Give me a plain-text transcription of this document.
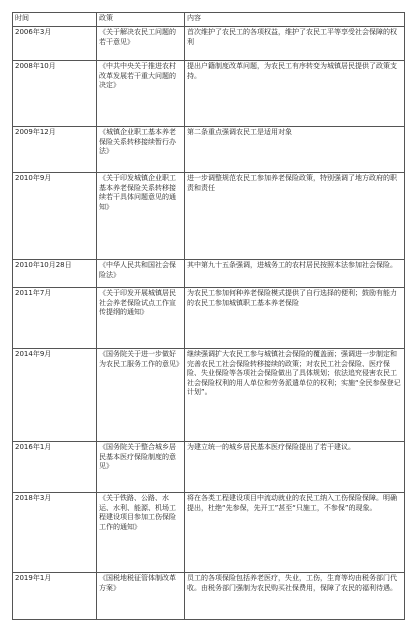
时间	政策	内容
2006年3月	《关于解决农民工问题的若干意见》	首次维护了农民工的各项权益，维护了农民工平等享受社会保障的权利
2008年10月	《中共中央关于推进农村改革发展若干重大问题的决定》	提出户籍制度改革问题，为农民工有序转变为城镇居民提供了政策支持。
2009年12月	《城镇企业职工基本养老保险关系转移接续暂行办法》	第二条重点强调农民工是适用对象
2010年9月	《关于印发城镇企业职工基本养老保险关系转移接续若干具体问题意见的通知》	进一步调整规范农民工参加养老保险政策，特别强调了地方政府的职责和责任
2010年10月28日	《中华人民共和国社会保险法》	其中第九十五条强调，进城务工的农村居民按照本法参加社会保险。
2011年7月	《关于印发开展城镇居民社会养老保险试点工作宣传提纲的通知》	为农民工参加何种养老保险模式提供了自行选择的便利；鼓励有能力的农民工参加城镇职工基本养老保险
2014年9月	《国务院关于进一步做好为农民工服务工作的意见》	继续强调扩大农民工参与城镇社会保险的覆盖面；强调进一步制定和完善农民工社会保险转移接续的政策；对农民工社会保险、医疗保险、失业保险等各项社会保险做出了具体规划；依法追究侵害农民工社会保险权利的用人单位和劳务派遣单位的权利；实施“全民参保登记计划”。
2016年1月	《国务院关于整合城乡居民基本医疗保险制度的意见》	为建立统一的城乡居民基本医疗保险提出了若干建议。
2018年3月	《关于铁路、公路、水运、水利、能源、机场工程建设项目参加工伤保险工作的通知》	将在各类工程建设项目中流动就业的农民工纳入工伤保险保障。明确提出，杜绝“先参保，先开工”甚至“只施工，不参保”的现象。
2019年1月	《国税地税征管体制改革方案》	员工的各项保险包括养老医疗，失业，工伤，生育等均由税务部门代收。由税务部门强制为农民购买社保费用，保障了农民的福利待遇。
